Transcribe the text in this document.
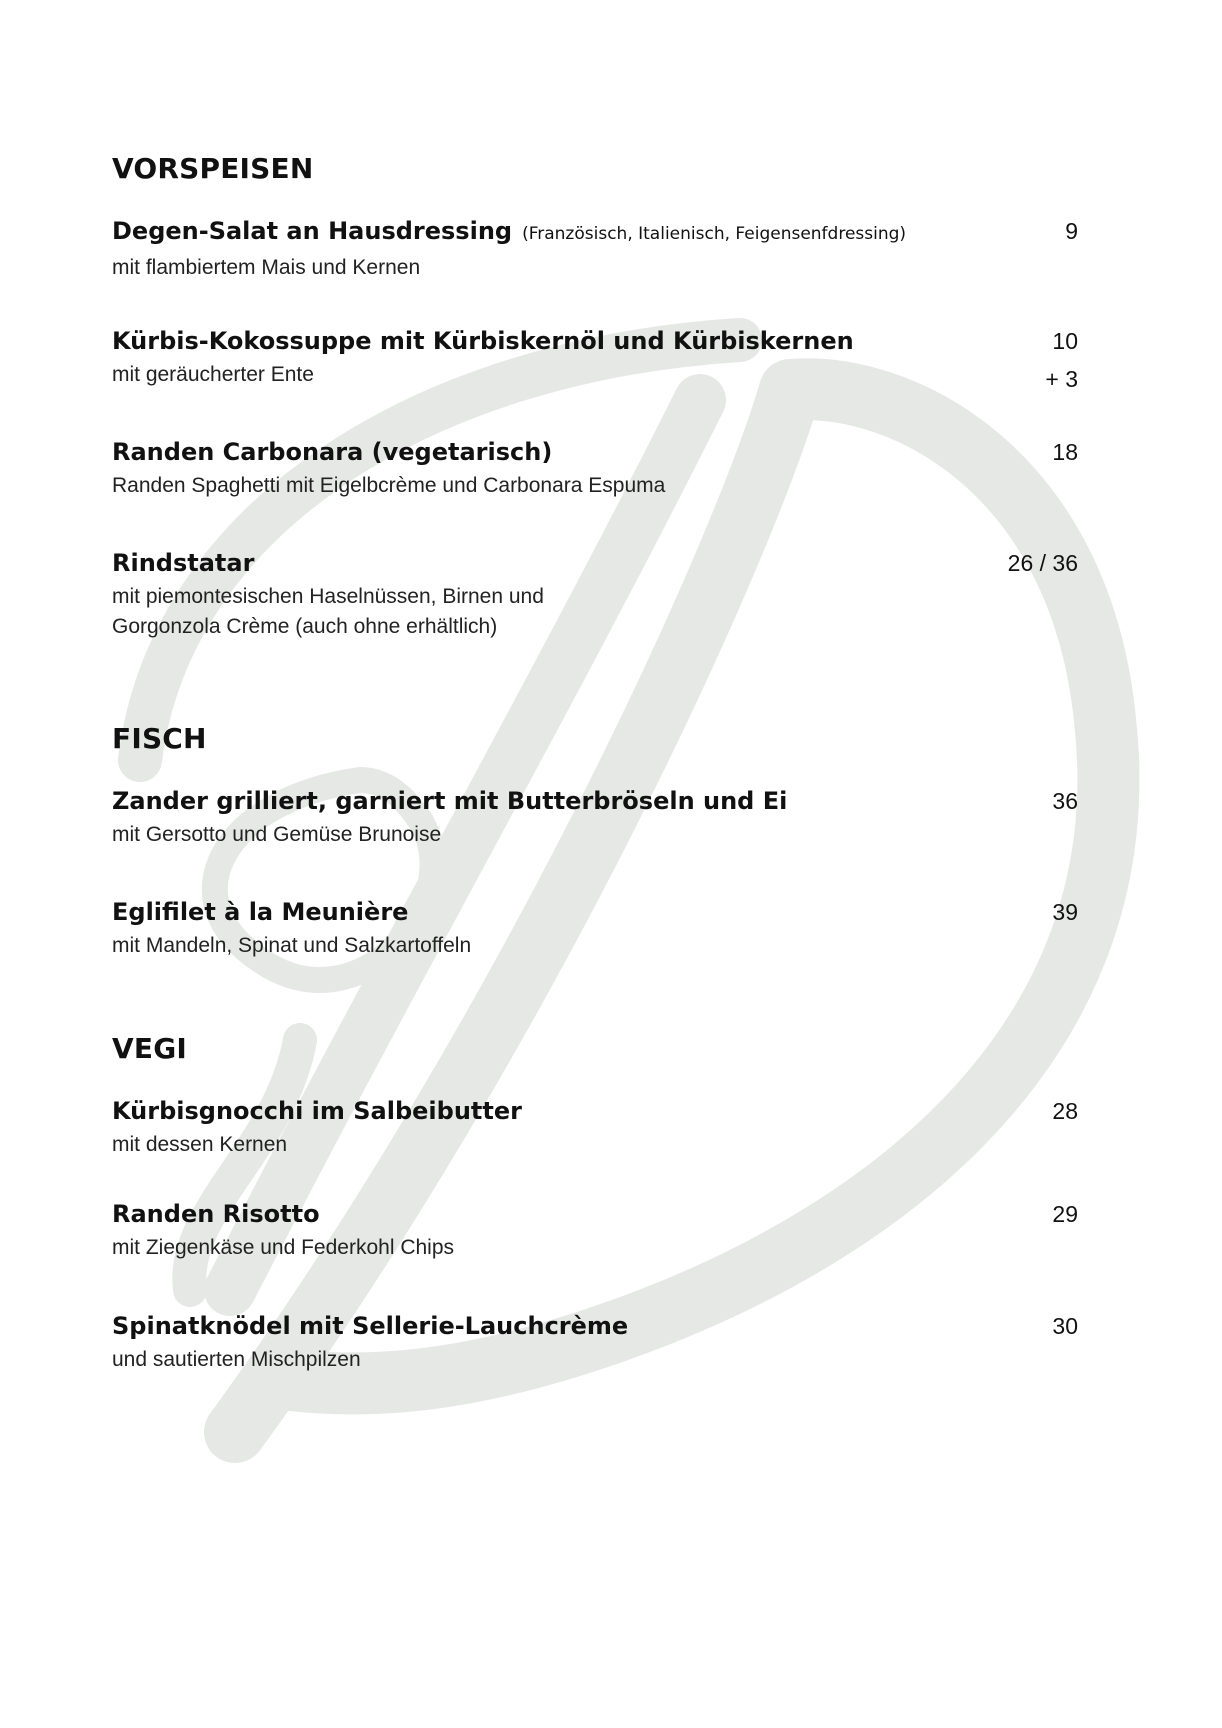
VORSPEISEN
Degen-Salat an Hausdressing (Französisch, Italienisch, Feigensenfdressing)
mit flambiertem Mais und Kernen
9
Kürbis-Kokossuppe mit Kürbiskernöl und Kürbiskernen
mit geräucherter Ente
10
+ 3
Randen Carbonara (vegetarisch)
Randen Spaghetti mit Eigelbcrème und Carbonara Espuma
18
Rindstatar
mit piemontesischen Haselnüssen, Birnen und
Gorgonzola Crème (auch ohne erhältlich)
26 / 36
FISCH
Zander grilliert, garniert mit Butterbröseln und Ei
mit Gersotto und Gemüse Brunoise
36
Egliﬁlet à la Meunière
mit Mandeln, Spinat und Salzkartoffeln
39
VEGI
Kürbisgnocchi im Salbeibutter
mit dessen Kernen
28
Randen Risotto
mit Ziegenkäse und Federkohl Chips
29
Spinatknödel mit Sellerie-Lauchcrème
und sautierten Mischpilzen
30
